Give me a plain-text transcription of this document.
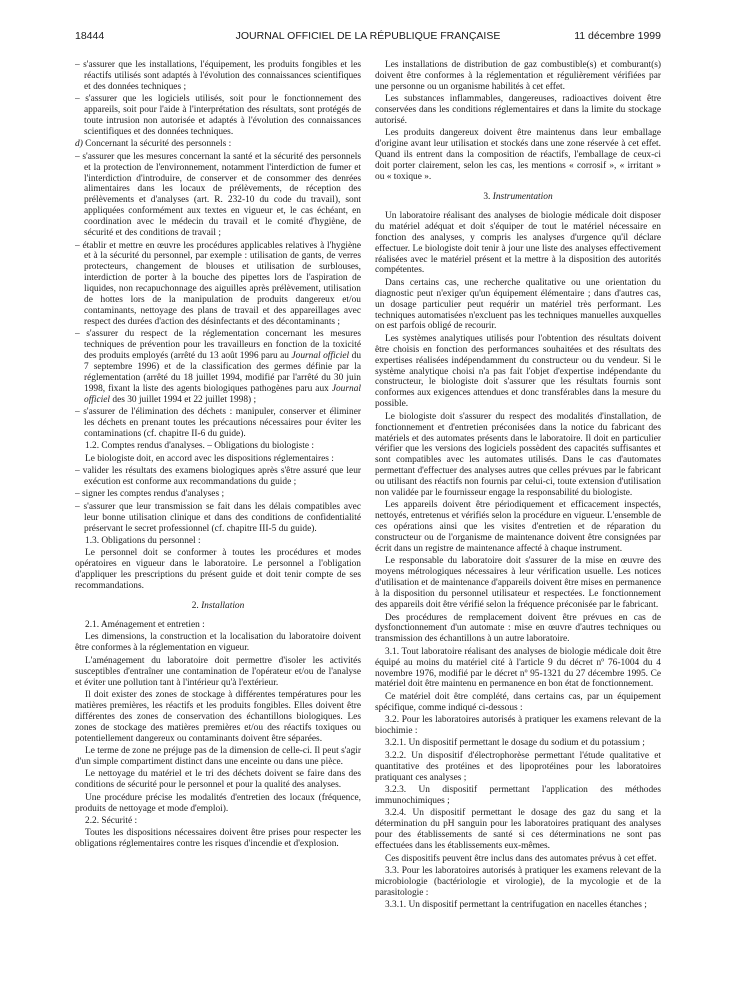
18444	JOURNAL OFFICIEL DE LA RÉPUBLIQUE FRANÇAISE	11 décembre 1999
– s'assurer que les installations, l'équipement, les produits fongibles et les réactifs utilisés sont adaptés à l'évolution des connaissances scientifiques et des données techniques ;
– s'assurer que les logiciels utilisés, soit pour le fonctionnement des appareils, soit pour l'aide à l'interprétation des résultats, sont protégés de toute intrusion non autorisée et adaptés à l'évolution des connaissances scientifiques et des données techniques.

d) Concernant la sécurité des personnels :

– s'assurer que les mesures concernant la santé et la sécurité des personnels et la protection de l'environnement, notamment l'interdiction de fumer et l'interdiction d'introduire, de conserver et de consommer des denrées alimentaires dans les locaux de prélèvements, de réception des prélèvements et d'analyses (art. R. 232-10 du code du travail), sont appliquées conformément aux textes en vigueur et, le cas échéant, en coordination avec le médecin du travail et le comité d'hygiène, de sécurité et des conditions de travail ;
– établir et mettre en œuvre les procédures applicables relatives à l'hygiène et à la sécurité du personnel, par exemple : utilisation de gants, de verres protecteurs, changement de blouses et utilisation de surblouses, interdiction de porter à la bouche des pipettes lors de l'aspiration de liquides, non recapuchonnage des aiguilles après prélèvement, utilisation de hottes lors de la manipulation de produits dangereux et/ou contaminants, nettoyage des plans de travail et des appareillages avec respect des durées d'action des désinfectants et des décontaminants ;
– s'assurer du respect de la réglementation concernant les mesures techniques de prévention pour les travailleurs en fonction de la toxicité des produits employés (arrêté du 13 août 1996 paru au Journal officiel du 7 septembre 1996) et de la classification des germes définie par la réglementation (arrêté du 18 juillet 1994, modifié par l'arrêté du 30 juin 1998, fixant la liste des agents biologiques pathogènes paru aux Journal officiel des 30 juillet 1994 et 22 juillet 1998) ;
– s'assurer de l'élimination des déchets : manipuler, conserver et éliminer les déchets en prenant toutes les précautions nécessaires pour éviter les contaminations (cf. chapitre II-6 du guide).

1.2. Comptes rendus d'analyses. – Obligations du biologiste :

Le biologiste doit, en accord avec les dispositions réglementaires :

– valider les résultats des examens biologiques après s'être assuré que leur exécution est conforme aux recommandations du guide ;
– signer les comptes rendus d'analyses ;
– s'assurer que leur transmission se fait dans les délais compatibles avec leur bonne utilisation clinique et dans des conditions de confidentialité préservant le secret professionnel (cf. chapitre III-5 du guide).

1.3. Obligations du personnel :

Le personnel doit se conformer à toutes les procédures et modes opératoires en vigueur dans le laboratoire. Le personnel a l'obligation d'appliquer les prescriptions du présent guide et doit tenir compte de ses recommandations.

2. Installation

2.1. Aménagement et entretien :

Les dimensions, la construction et la localisation du laboratoire doivent être conformes à la réglementation en vigueur.

L'aménagement du laboratoire doit permettre d'isoler les activités susceptibles d'entraîner une contamination de l'opérateur et/ou de l'analyse et éviter une pollution tant à l'intérieur qu'à l'extérieur.

Il doit exister des zones de stockage à différentes températures pour les matières premières, les réactifs et les produits fongibles. Elles doivent être différentes des zones de conservation des échantillons biologiques. Les zones de stockage des matières premières et/ou des réactifs toxiques ou potentiellement dangereux ou contaminants doivent être séparées.

Le terme de zone ne préjuge pas de la dimension de celle-ci. Il peut s'agir d'un simple compartiment distinct dans une enceinte ou dans une pièce.

Le nettoyage du matériel et le tri des déchets doivent se faire dans des conditions de sécurité pour le personnel et pour la qualité des analyses.

Une procédure précise les modalités d'entretien des locaux (fréquence, produits de nettoyage et mode d'emploi).

2.2. Sécurité :

Toutes les dispositions nécessaires doivent être prises pour respecter les obligations réglementaires contre les risques d'incendie et d'explosion.

Les installations de distribution de gaz combustible(s) et comburant(s) doivent être conformes à la réglementation et régulièrement vérifiées par une personne ou un organisme habilités à cet effet.

Les substances inflammables, dangereuses, radioactives doivent être conservées dans les conditions réglementaires et dans la limite du stockage autorisé.

Les produits dangereux doivent être maintenus dans leur emballage d'origine avant leur utilisation et stockés dans une zone réservée à cet effet. Quand ils entrent dans la composition de réactifs, l'emballage de ceux-ci doit porter clairement, selon les cas, les mentions « corrosif », « irritant » ou « toxique ».

3. Instrumentation

Un laboratoire réalisant des analyses de biologie médicale doit disposer du matériel adéquat et doit s'équiper de tout le matériel nécessaire en fonction des analyses, y compris les analyses d'urgence qu'il déclare effectuer. Le biologiste doit tenir à jour une liste des analyses effectivement réalisées avec le matériel présent et la mettre à la disposition des autorités compétentes.

Dans certains cas, une recherche qualitative ou une orientation du diagnostic peut n'exiger qu'un équipement élémentaire ; dans d'autres cas, un dosage particulier peut requérir un matériel très performant. Les techniques automatisées n'excluent pas les techniques manuelles auxquelles on est parfois obligé de recourir.

Les systèmes analytiques utilisés pour l'obtention des résultats doivent être choisis en fonction des performances souhaitées et des résultats des expertises réalisées indépendamment du constructeur ou du vendeur. Si le système analytique choisi n'a pas fait l'objet d'expertise indépendante du constructeur, le biologiste doit s'assurer que les résultats fournis sont conformes aux exigences attendues et donc transférables dans la mesure du possible.

Le biologiste doit s'assurer du respect des modalités d'installation, de fonctionnement et d'entretien préconisées dans la notice du fabricant des matériels et des automates présents dans le laboratoire. Il doit en particulier vérifier que les versions des logiciels possèdent des capacités suffisantes et sont compatibles avec les automates utilisés. Dans le cas d'automates permettant d'effectuer des analyses autres que celles prévues par le fabricant ou utilisant des réactifs non fournis par celui-ci, toute extension d'utilisation non validée par le fournisseur engage la responsabilité du biologiste.

Les appareils doivent être périodiquement et efficacement inspectés, nettoyés, entretenus et vérifiés selon la procédure en vigueur. L'ensemble de ces opérations ainsi que les visites d'entretien et de réparation du constructeur ou de l'organisme de maintenance doivent être consignées par écrit dans un registre de maintenance affecté à chaque instrument.

Le responsable du laboratoire doit s'assurer de la mise en œuvre des moyens métrologiques nécessaires à leur vérification usuelle. Les notices d'utilisation et de maintenance d'appareils doivent être mises en permanence à la disposition du personnel utilisateur et respectées. Le fonctionnement des appareils doit être vérifié selon la fréquence préconisée par le fabricant.

Des procédures de remplacement doivent être prévues en cas de dysfonctionnement d'un automate : mise en œuvre d'autres techniques ou transmission des échantillons à un autre laboratoire.

3.1. Tout laboratoire réalisant des analyses de biologie médicale doit être équipé au moins du matériel cité à l'article 9 du décret nº 76-1004 du 4 novembre 1976, modifié par le décret nº 95-1321 du 27 décembre 1995. Ce matériel doit être maintenu en permanence en bon état de fonctionnement.

Ce matériel doit être complété, dans certains cas, par un équipement spécifique, comme indiqué ci-dessous :

3.2. Pour les laboratoires autorisés à pratiquer les examens relevant de la biochimie :

3.2.1. Un dispositif permettant le dosage du sodium et du potassium ;

3.2.2. Un dispositif d'électrophorèse permettant l'étude qualitative et quantitative des protéines et des lipoprotéines pour les laboratoires pratiquant ces analyses ;

3.2.3. Un dispositif permettant l'application des méthodes immunochimiques ;

3.2.4. Un dispositif permettant le dosage des gaz du sang et la détermination du pH sanguin pour les laboratoires pratiquant des analyses pour des établissements de santé si ces déterminations ne sont pas effectuées dans les établissements eux-mêmes.

Ces dispositifs peuvent être inclus dans des automates prévus à cet effet.

3.3. Pour les laboratoires autorisés à pratiquer les examens relevant de la microbiologie (bactériologie et virologie), de la mycologie et de la parasitologie :

3.3.1. Un dispositif permettant la centrifugation en nacelles étanches ;
